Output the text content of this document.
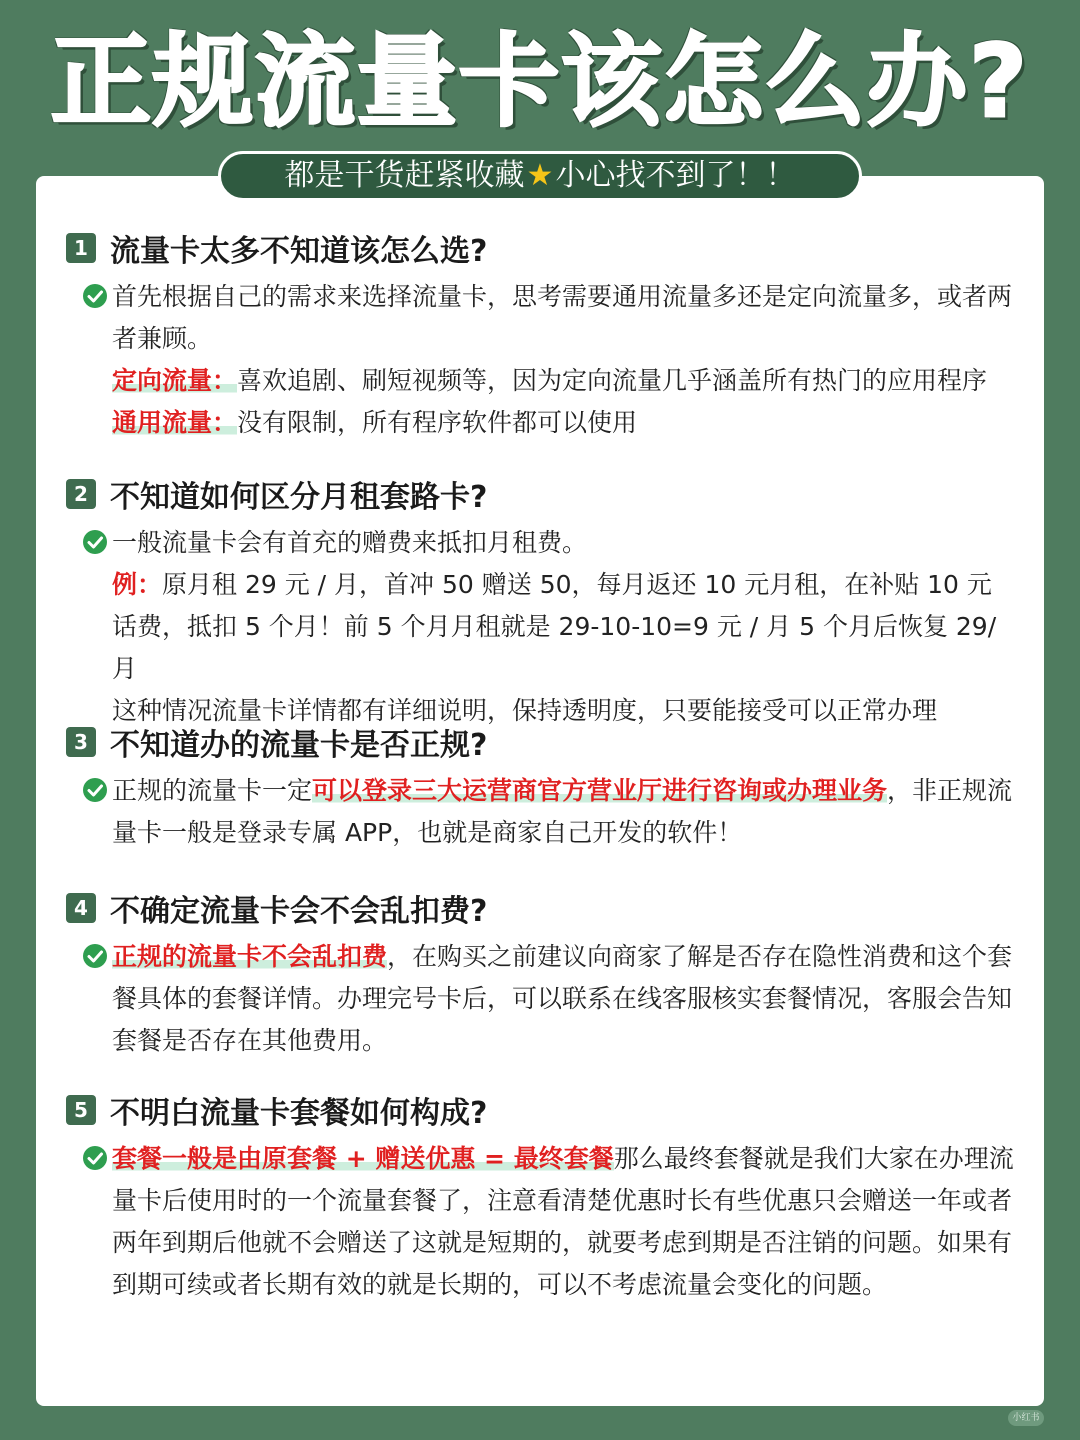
正规流量卡该怎么办?
都是干货赶紧收藏 ★ 小心找不到了！！
1 流量卡太多不知道该怎么选?
首先根据自己的需求来选择流量卡，思考需要通用流量多还是定向流量多，或者两者兼顾。
定向流量：喜欢追剧、刷短视频等，因为定向流量几乎涵盖所有热门的应用程序
通用流量：没有限制，所有程序软件都可以使用
2 不知道如何区分月租套路卡?
一般流量卡会有首充的赠费来抵扣月租费。
例：原月租 29 元 / 月，首冲 50 赠送 50，每月返还 10 元月租，在补贴 10 元话费，抵扣 5 个月！前 5 个月月租就是 29-10-10=9 元 / 月 5 个月后恢复 29/ 月
这种情况流量卡详情都有详细说明，保持透明度，只要能接受可以正常办理
3 不知道办的流量卡是否正规?
正规的流量卡一定可以登录三大运营商官方营业厅进行咨询或办理业务，非正规流量卡一般是登录专属 APP，也就是商家自己开发的软件！
4 不确定流量卡会不会乱扣费?
正规的流量卡不会乱扣费，在购买之前建议向商家了解是否存在隐性消费和这个套餐具体的套餐详情。办理完号卡后，可以联系在线客服核实套餐情况，客服会告知套餐是否存在其他费用。
5 不明白流量卡套餐如何构成?
套餐一般是由原套餐 + 赠送优惠 = 最终套餐那么最终套餐就是我们大家在办理流量卡后使用时的一个流量套餐了，注意看清楚优惠时长有些优惠只会赠送一年或者两年到期后他就不会赠送了这就是短期的，就要考虑到期是否注销的问题。如果有到期可续或者长期有效的就是长期的，可以不考虑流量会变化的问题。
小红书
